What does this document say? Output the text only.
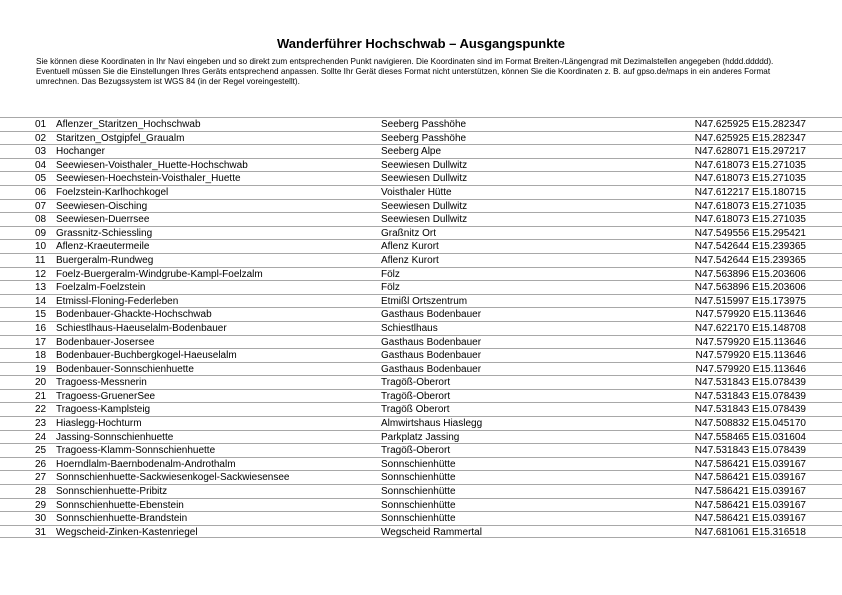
Wanderführer Hochschwab – Ausgangspunkte

Sie können diese Koordinaten in Ihr Navi eingeben und so direkt zum entsprechenden Punkt navigieren. Die Koordinaten sind im Format Breiten-/Längengrad mit Dezimalstellen angegeben (hddd.ddddd).

Eventuell müssen Sie die Einstellungen Ihres Geräts entsprechend anpassen. Sollte Ihr Gerät dieses Format nicht unterstützen, können Sie die Koordinaten z. B. auf gpso.de/maps in ein anderes Format umrechnen. Das Bezugssystem ist WGS 84 (in der Regel voreingestellt).

01 Aflenzer_Staritzen_Hochschwab	Seeberg Passhöhe	N47.625925 E15.282347
02 Staritzen_Ostgipfel_Graualm	Seeberg Passhöhe	N47.625925 E15.282347
03 Hochanger	Seeberg Alpe	N47.628071 E15.297217
04 Seewiesen-Voisthaler_Huette-Hochschwab	Seewiesen Dullwitz	N47.618073 E15.271035
05 Seewiesen-Hoechstein-Voisthaler_Huette	Seewiesen Dullwitz	N47.618073 E15.271035
06 Foelzstein-Karlhochkogel	Voisthaler Hütte	N47.612217 E15.180715
07 Seewiesen-Oisching	Seewiesen Dullwitz	N47.618073 E15.271035
08 Seewiesen-Duerrsee	Seewiesen Dullwitz	N47.618073 E15.271035
09 Grassnitz-Schiessling	Graßnitz Ort	N47.549556 E15.295421
10 Aflenz-Kraeutermeile	Aflenz Kurort	N47.542644 E15.239365
11 Buergeralm-Rundweg	Aflenz Kurort	N47.542644 E15.239365
12 Foelz-Buergeralm-Windgrube-Kampl-Foelzalm	Fölz	N47.563896 E15.203606
13 Foelzalm-Foelzstein	Fölz	N47.563896 E15.203606
14 Etmissl-Floning-Federleben	Etmißl Ortszentrum	N47.515997 E15.173975
15 Bodenbauer-Ghackte-Hochschwab	Gasthaus Bodenbauer	N47.579920 E15.113646
16 Schiestlhaus-Haeuselalm-Bodenbauer	Schiestlhaus	N47.622170 E15.148708
17 Bodenbauer-Josersee	Gasthaus Bodenbauer	N47.579920 E15.113646
18 Bodenbauer-Buchbergkogel-Haeuselalm	Gasthaus Bodenbauer	N47.579920 E15.113646
19 Bodenbauer-Sonnschienhuette	Gasthaus Bodenbauer	N47.579920 E15.113646
20 Tragoess-Messnerin	Tragöß-Oberort	N47.531843 E15.078439
21 Tragoess-GruenerSee	Tragöß-Oberort	N47.531843 E15.078439
22 Tragoess-Kamplsteig	Tragöß Oberort	N47.531843 E15.078439
23 Hiaslegg-Hochturm	Almwirtshaus Hiaslegg	N47.508832 E15.045170
24 Jassing-Sonnschienhuette	Parkplatz Jassing	N47.558465 E15.031604
25 Tragoess-Klamm-Sonnschienhuette	Tragöß-Oberort	N47.531843 E15.078439
26 Hoerndlalm-Baernbodenalm-Androthalm	Sonnschienhütte	N47.586421 E15.039167
27 Sonnschienhuette-Sackwiesenkogel-Sackwiesensee	Sonnschienhütte	N47.586421 E15.039167
28 Sonnschienhuette-Pribitz	Sonnschienhütte	N47.586421 E15.039167
29 Sonnschienhuette-Ebenstein	Sonnschienhütte	N47.586421 E15.039167
30 Sonnschienhuette-Brandstein	Sonnschienhütte	N47.586421 E15.039167
31 Wegscheid-Zinken-Kastenriegel	Wegscheid Rammertal	N47.681061 E15.316518
